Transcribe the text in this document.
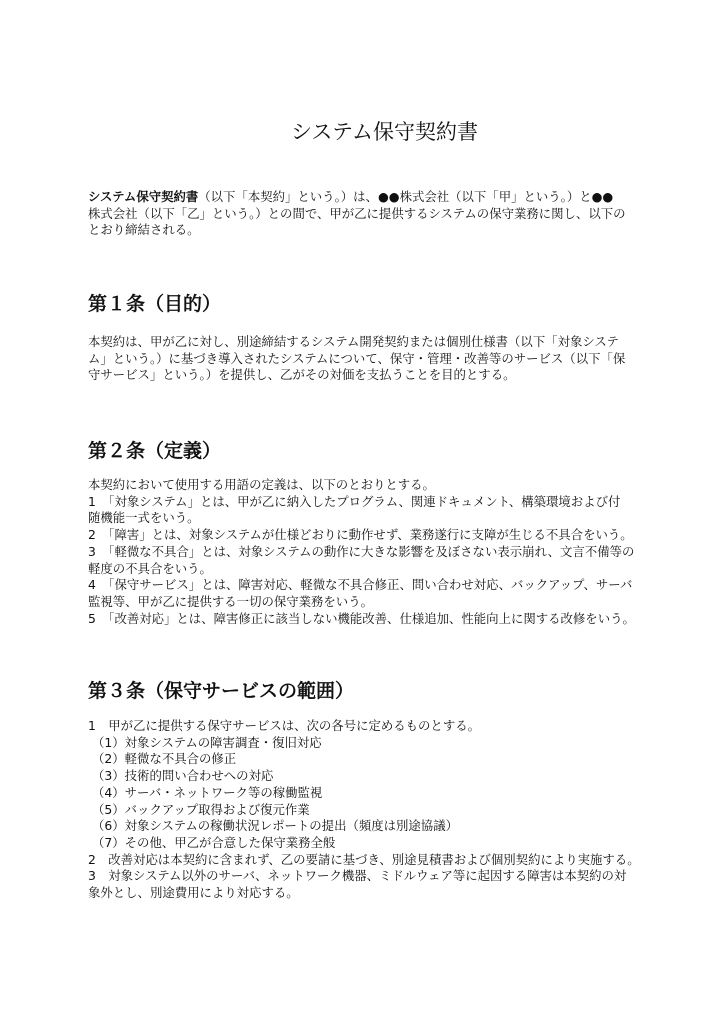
システム保守契約書

システム保守契約書（以下「本契約」という。）は、●●株式会社（以下「甲」という。）と●●

株式会社（以下「乙」という。）との間で、甲が乙に提供するシステムの保守業務に関し、以下の

とおり締結される。

第１条（目的）

本契約は、甲が乙に対し、別途締結するシステム開発契約または個別仕様書（以下「対象システ

ム」という。）に基づき導入されたシステムについて、保守・管理・改善等のサービス（以下「保

守サービス」という。）を提供し、乙がその対価を支払うことを目的とする。

第２条（定義）

本契約において使用する用語の定義は、以下のとおりとする。

1　「対象システム」とは、甲が乙に納入したプログラム、関連ドキュメント、構築環境および付

随機能一式をいう。

2　「障害」とは、対象システムが仕様どおりに動作せず、業務遂行に支障が生じる不具合をいう。

3　「軽微な不具合」とは、対象システムの動作に大きな影響を及ぼさない表示崩れ、文言不備等の

軽度の不具合をいう。

4　「保守サービス」とは、障害対応、軽微な不具合修正、問い合わせ対応、バックアップ、サーバ

監視等、甲が乙に提供する一切の保守業務をいう。

5　「改善対応」とは、障害修正に該当しない機能改善、仕様追加、性能向上に関する改修をいう。

第３条（保守サービスの範囲）

1　甲が乙に提供する保守サービスは、次の各号に定めるものとする。

（1）対象システムの障害調査・復旧対応

（2）軽微な不具合の修正

（3）技術的問い合わせへの対応

（4）サーバ・ネットワーク等の稼働監視

（5）バックアップ取得および復元作業

（6）対象システムの稼働状況レポートの提出（頻度は別途協議）

（7）その他、甲乙が合意した保守業務全般

2　改善対応は本契約に含まれず、乙の要請に基づき、別途見積書および個別契約により実施する。

3　対象システム以外のサーバ、ネットワーク機器、ミドルウェア等に起因する障害は本契約の対

象外とし、別途費用により対応する。
